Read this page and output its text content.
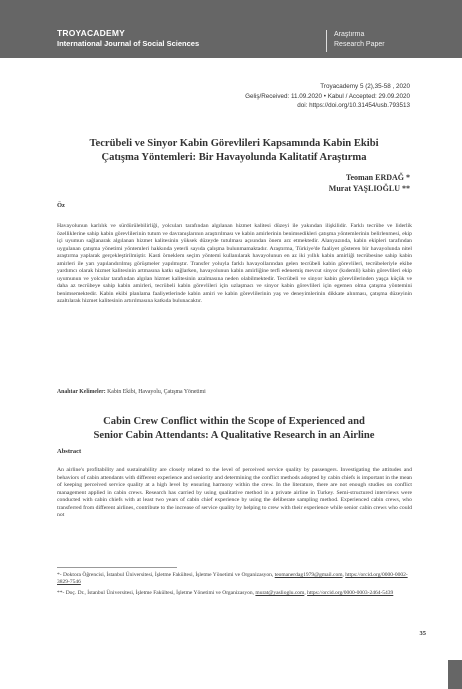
TROYACADEMY
International Journal of Social Sciences
Araştırma
Research Paper
Troyacademy 5 (2),35-58 , 2020
Geliş/Received: 11.09.2020 • Kabul / Accepted: 29.09.2020
doi: https://doi.org/10.31454/usb.793513
Tecrübeli ve Sinyor Kabin Görevlileri Kapsamında Kabin Ekibi
Çatışma Yöntemleri: Bir Havayolunda Kalitatif Araştırma
Teoman ERDAĞ *
Murat YAŞLIOĞLU **
Öz
Havayolunun karlılık ve sürdürülebilirliği, yolcuları tarafından algılanan hizmet kalitesi düzeyi ile yakından ilişkilidir. Farklı tecrübe ve liderlik özelliklerine sahip kabin görevlilerinin tutum ve davranışlarının araştırılması ve kabin amirlerinin benimsedikleri çatışma yöntemlerinin belirlenmesi, ekip içi uyumun sağlanarak algılanan hizmet kalitesinin yüksek düzeyde tutulması açısından önem arz etmektedir. Alanyazında, kabin ekipleri tarafından uygulanan çatışma yönetimi yöntemleri hakkında yeterli sayıda çalışma bulunmamaktadır. Araştırma, Türkiye'de faaliyet gösteren bir havayolunda nitel araştırma yaplarak gerçekleştirilmiştir. Kasti örneklem seçim yöntemi kullanılarak havayolunun en az iki yıllık kabin amirliği tecrübesine sahip kabin amirleri ile yarı yapılandırılmış görüşmeler yapılmıştır. Transfer yoluyla farklı havayollarından gelen tecrübeli kabin görevlileri, tecrübeleriyle ekibe yardımcı olarak hizmet kalitesinin artmasına katkı sağlarken, havayolunun kabin amirliğine terfi edenemiş mevcut sinyor (kıdemli) kabin görevlileri ekip uyumunun ve yolcular tarafından algılan hizmet kalitesinin azalmasına neden olabilmektedir. Tecrübeli ve sinyor kabin görevlilerinden yaşça küçük ve daha az tecrübeye sahip kabin amirleri, tecrübeli kabin görevlileri için uzlaşmacı ve sinyor kabin görevlileri için egemen olma çatışma yöntemini benimsemektedir. Kabin ekibi planlama faaliyetlerinde kabin amiri ve kabin görevlilerinin yaş ve deneyimlerinin dikkate alınması, çatışma düzeyinin azaltılarak hizmet kalitesinin artırılmasına katkıda bulunacaktır.
Anahtar Kelimeler: Kabin Ekibi, Havayolu, Çatışma Yönetimi
Cabin Crew Conflict within the Scope of Experienced and
Senior Cabin Attendants: A Qualitative Research in an Airline
Abstract
An airline's profitability and sustainability are closely related to the level of perceived service quality by passengers. Investigating the attitudes and behaviors of cabin attendants with different experience and seniority and determining the conflict methods adopted by cabin chiefs is important in the mean of keeping perceived service quality at a high level by ensuring harmony within the crew. In the literature, there are not enough studies on conflict management applied in cabin crews. Research has carried by using qualitative method in a private airline in Turkey. Semi-structured interviews were conducted with cabin chiefs with at least two years of cabin chief experience by using the deliberate sampling method. Experienced cabin crews, who transferred from different airlines, contribute to the increase of service quality by helping to crew with their experience while senior cabin crews who could not

*- Doktora Öğrencisi, İstanbul Üniversitesi, İşletme Fakültesi, İşletme Yönetimi ve Organizasyon, teomanerdag1979@gmail.com, https://orcid.org/0000-0002-3829-7546

**- Doç. Dr., İstanbul Üniversitesi, İşletme Fakültesi, İşletme Yönetimi ve Organizasyon, murat@yaslioglu.com, https://orcid.org/0000-0003-2464-5439

35
